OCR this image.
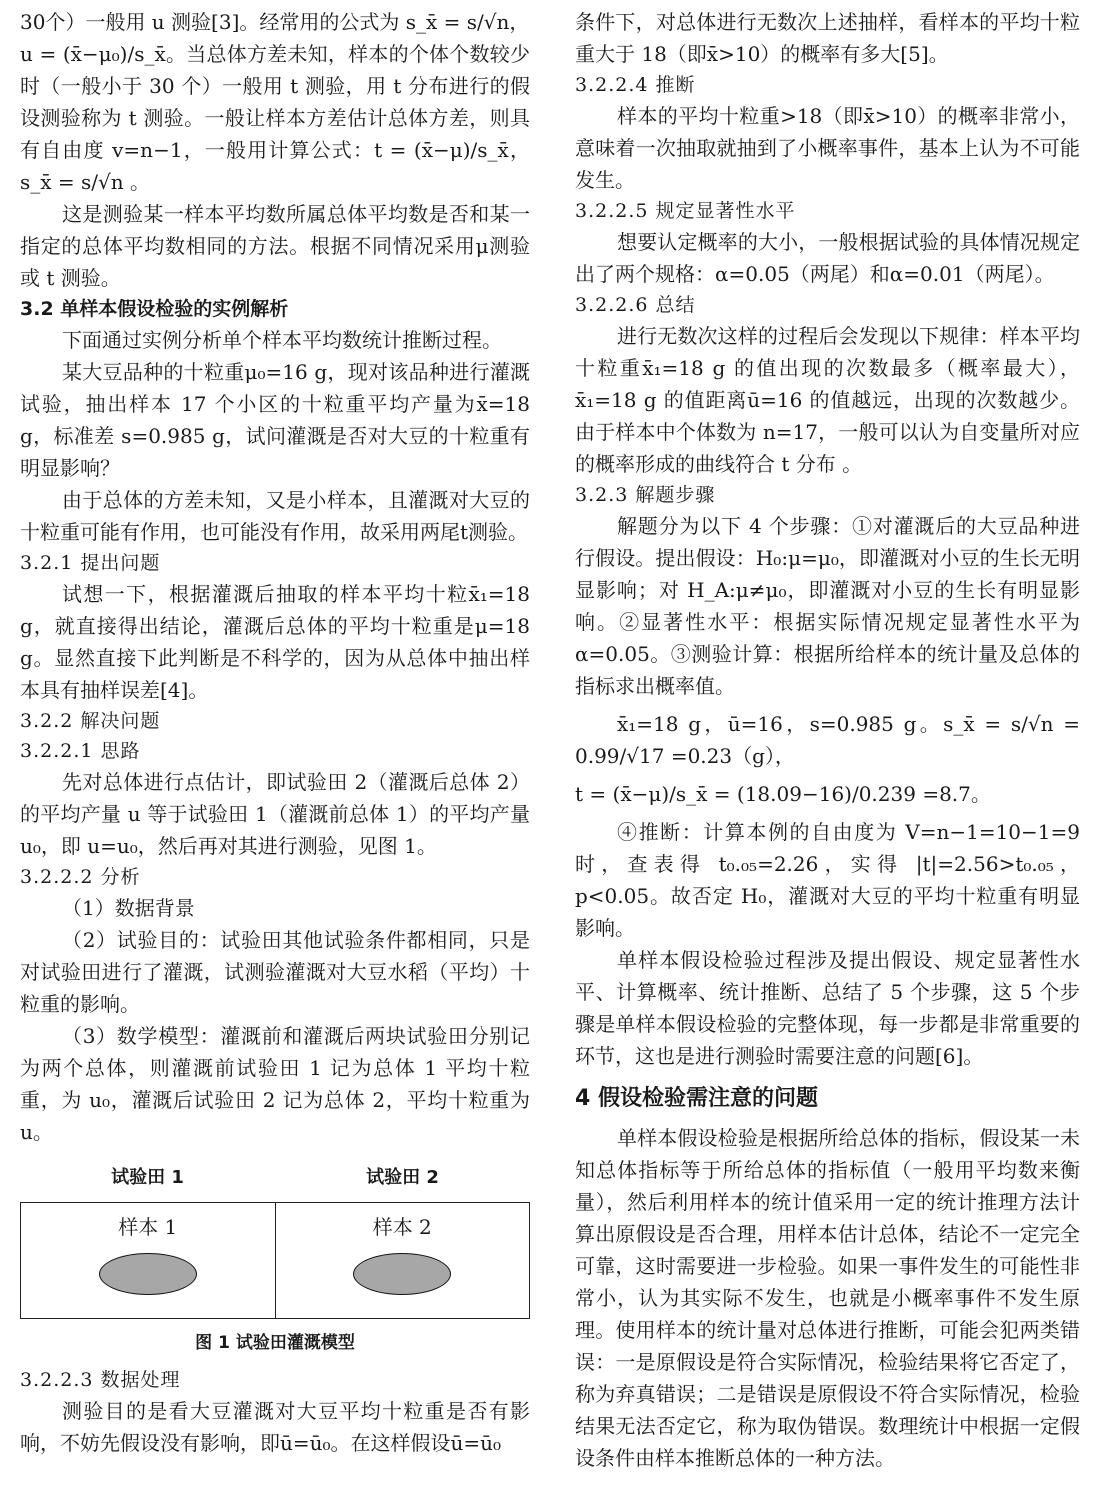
30个）一般用 u 测验[3]。经常用的公式为 s_x̄ = s/√n，

u = (x̄−μ₀)/s_x̄。当总体方差未知，样本的个体个数较少时（一般小于 30 个）一般用 t 测验，用 t 分布进行的假设测验称为 t 测验。一般让样本方差估计总体方差，则具有自由度 v=n−1，一般用计算公式：t = (x̄−μ)/s_x̄，s_x̄ = s/√n 。

这是测验某一样本平均数所属总体平均数是否和某一指定的总体平均数相同的方法。根据不同情况采用μ测验或 t 测验。

3.2 单样本假设检验的实例解析

下面通过实例分析单个样本平均数统计推断过程。

某大豆品种的十粒重μ₀=16 g，现对该品种进行灌溉试验，抽出样本 17 个小区的十粒重平均产量为x̄=18 g，标准差 s=0.985 g，试问灌溉是否对大豆的十粒重有明显影响？

由于总体的方差未知，又是小样本，且灌溉对大豆的十粒重可能有作用，也可能没有作用，故采用两尾t测验。

3.2.1 提出问题

试想一下，根据灌溉后抽取的样本平均十粒x̄₁=18 g，就直接得出结论，灌溉后总体的平均十粒重是μ=18 g。显然直接下此判断是不科学的，因为从总体中抽出样本具有抽样误差[4]。

3.2.2 解决问题

3.2.2.1 思路

先对总体进行点估计，即试验田 2（灌溉后总体 2）的平均产量 u 等于试验田 1（灌溉前总体 1）的平均产量 u₀，即 u=u₀，然后再对其进行测验，见图 1。

3.2.2.2 分析

（1）数据背景

（2）试验目的：试验田其他试验条件都相同，只是对试验田进行了灌溉，试测验灌溉对大豆水稻（平均）十粒重的影响。

（3）数学模型：灌溉前和灌溉后两块试验田分别记为两个总体，则灌溉前试验田 1 记为总体 1 平均十粒重，为 u₀，灌溉后试验田 2 记为总体 2，平均十粒重为 u。

试验田 1	试验田 2
样本 1	样本 2
图 1 试验田灌溉模型

3.2.2.3 数据处理

测验目的是看大豆灌溉对大豆平均十粒重是否有影响，不妨先假设没有影响，即ū=ū₀。在这样假设ū=ū₀

条件下，对总体进行无数次上述抽样，看样本的平均十粒重大于 18（即x̄>10）的概率有多大[5]。

3.2.2.4 推断

样本的平均十粒重>18（即x̄>10）的概率非常小，意味着一次抽取就抽到了小概率事件，基本上认为不可能发生。

3.2.2.5 规定显著性水平

想要认定概率的大小，一般根据试验的具体情况规定出了两个规格：α=0.05（两尾）和α=0.01（两尾）。

3.2.2.6 总结

进行无数次这样的过程后会发现以下规律：样本平均十粒重x̄₁=18 g 的值出现的次数最多（概率最大），x̄₁=18 g 的值距离ū=16 的值越远，出现的次数越少。由于样本中个体数为 n=17，一般可以认为自变量所对应的概率形成的曲线符合 t 分布 。

3.2.3 解题步骤

解题分为以下 4 个步骤：①对灌溉后的大豆品种进行假设。提出假设：H₀:μ=μ₀，即灌溉对小豆的生长无明显影响；对 H_A:μ≠μ₀，即灌溉对小豆的生长有明显影响。②显著性水平：根据实际情况规定显著性水平为α=0.05。③测验计算：根据所给样本的统计量及总体的指标求出概率值。

x̄₁=18 g，ū=16，s=0.985 g。s_x̄ = s/√n = 0.99/√17 =0.23（g），

t = (x̄−μ)/s_x̄ = (18.09−16)/0.239 =8.7。

④推断：计算本例的自由度为 V=n−1=10−1=9 时，查表得 t₀.₀₅=2.26，实得 |t|=2.56>t₀.₀₅，p<0.05。故否定 H₀，灌溉对大豆的平均十粒重有明显影响。

单样本假设检验过程涉及提出假设、规定显著性水平、计算概率、统计推断、总结了 5 个步骤，这 5 个步骤是单样本假设检验的完整体现，每一步都是非常重要的环节，这也是进行测验时需要注意的问题[6]。

4 假设检验需注意的问题

单样本假设检验是根据所给总体的指标，假设某一未知总体指标等于所给总体的指标值（一般用平均数来衡量），然后利用样本的统计值采用一定的统计推理方法计算出原假设是否合理，用样本估计总体，结论不一定完全可靠，这时需要进一步检验。如果一事件发生的可能性非常小，认为其实际不发生，也就是小概率事件不发生原理。使用样本的统计量对总体进行推断，可能会犯两类错误：一是原假设是符合实际情况，检验结果将它否定了，称为弃真错误；二是错误是原假设不符合实际情况，检验结果无法否定它，称为取伪错误。数理统计中根据一定假设条件由样本推断总体的一种方法。
